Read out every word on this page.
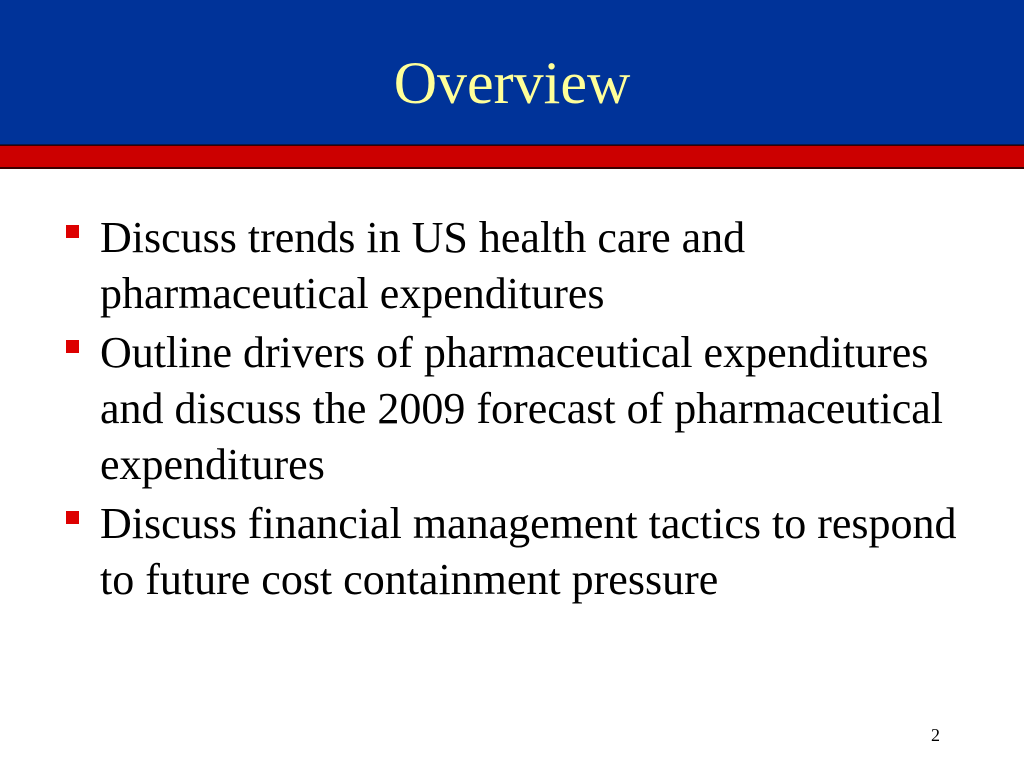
Overview
Discuss trends in US health care and pharmaceutical expenditures
Outline drivers of pharmaceutical expenditures and discuss the 2009 forecast of pharmaceutical expenditures
Discuss financial management tactics to respond to future cost containment pressure
2
